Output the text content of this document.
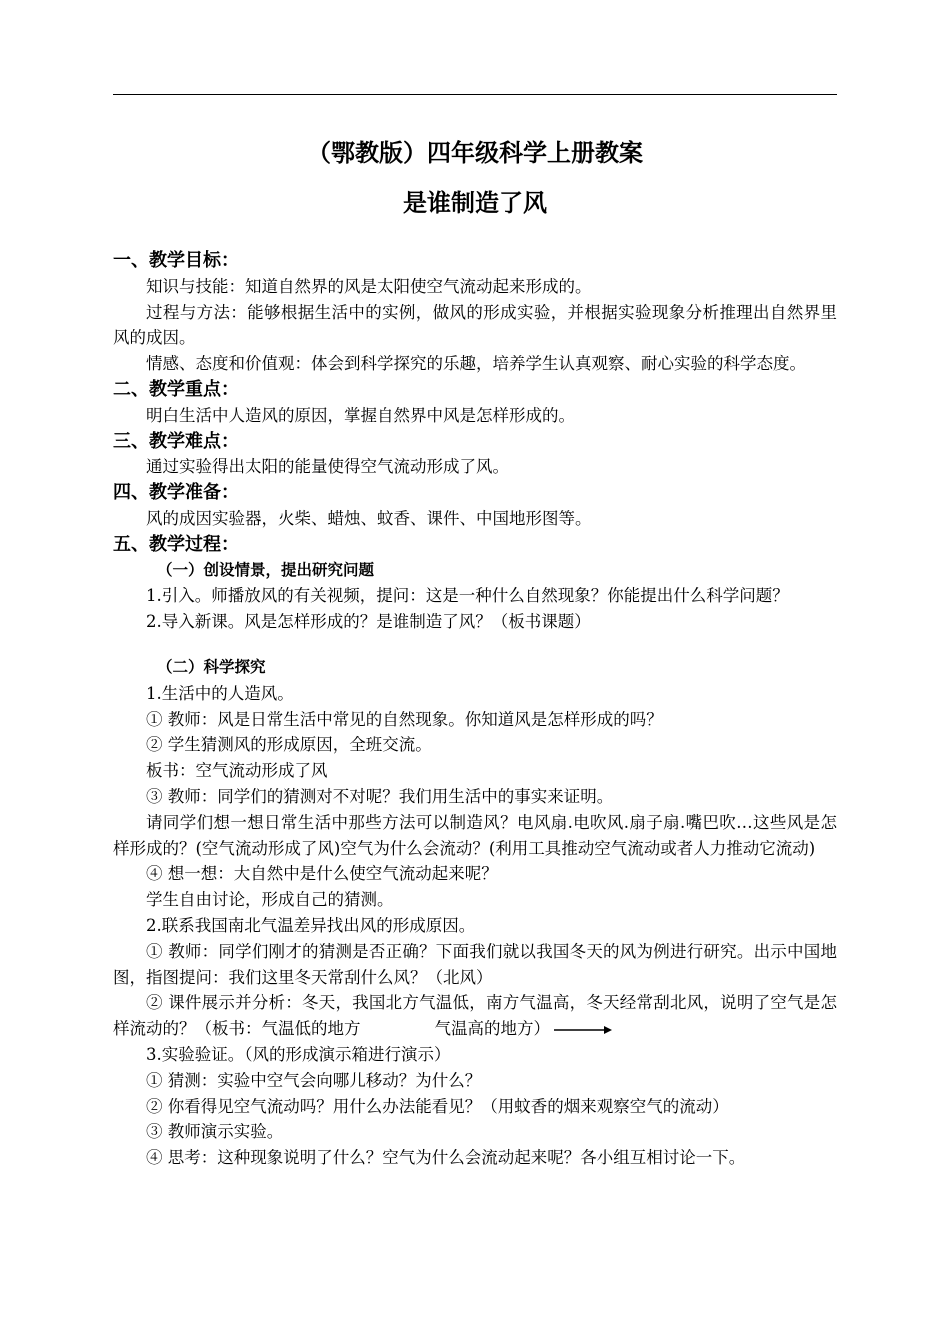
（鄂教版）四年级科学上册教案
是谁制造了风
一、教学目标：
知识与技能：知道自然界的风是太阳使空气流动起来形成的。
过程与方法：能够根据生活中的实例，做风的形成实验，并根据实验现象分析推理出自然界里风的成因。
情感、态度和价值观：体会到科学探究的乐趣，培养学生认真观察、耐心实验的科学态度。
二、教学重点：
明白生活中人造风的原因，掌握自然界中风是怎样形成的。
三、教学难点：
通过实验得出太阳的能量使得空气流动形成了风。
四、教学准备：
风的成因实验器，火柴、蜡烛、蚊香、课件、中国地形图等。
五、教学过程：
（一）创设情景，提出研究问题
1.引入。师播放风的有关视频，提问：这是一种什么自然现象？你能提出什么科学问题？
2.导入新课。风是怎样形成的？是谁制造了风？（板书课题）
（二）科学探究
1.生活中的人造风。
① 教师：风是日常生活中常见的自然现象。你知道风是怎样形成的吗？
② 学生猜测风的形成原因，全班交流。
板书：空气流动形成了风
③ 教师：同学们的猜测对不对呢？我们用生活中的事实来证明。
请同学们想一想日常生活中那些方法可以制造风？电风扇.电吹风.扇子扇.嘴巴吹…这些风是怎样形成的？(空气流动形成了风)空气为什么会流动？(利用工具推动空气流动或者人力推动它流动)
④ 想一想：大自然中是什么使空气流动起来呢？
学生自由讨论，形成自己的猜测。
2.联系我国南北气温差异找出风的形成原因。
① 教师：同学们刚才的猜测是否正确？下面我们就以我国冬天的风为例进行研究。出示中国地图，指图提问：我们这里冬天常刮什么风？（北风）
② 课件展示并分析：冬天，我国北方气温低，南方气温高，冬天经常刮北风，说明了空气是怎样流动的？（板书：气温低的地方	气温高的地方）
3.实验验证。（风的形成演示箱进行演示）
① 猜测：实验中空气会向哪儿移动？为什么？
② 你看得见空气流动吗？用什么办法能看见？（用蚊香的烟来观察空气的流动）
③ 教师演示实验。
④ 思考：这种现象说明了什么？空气为什么会流动起来呢？各小组互相讨论一下。
